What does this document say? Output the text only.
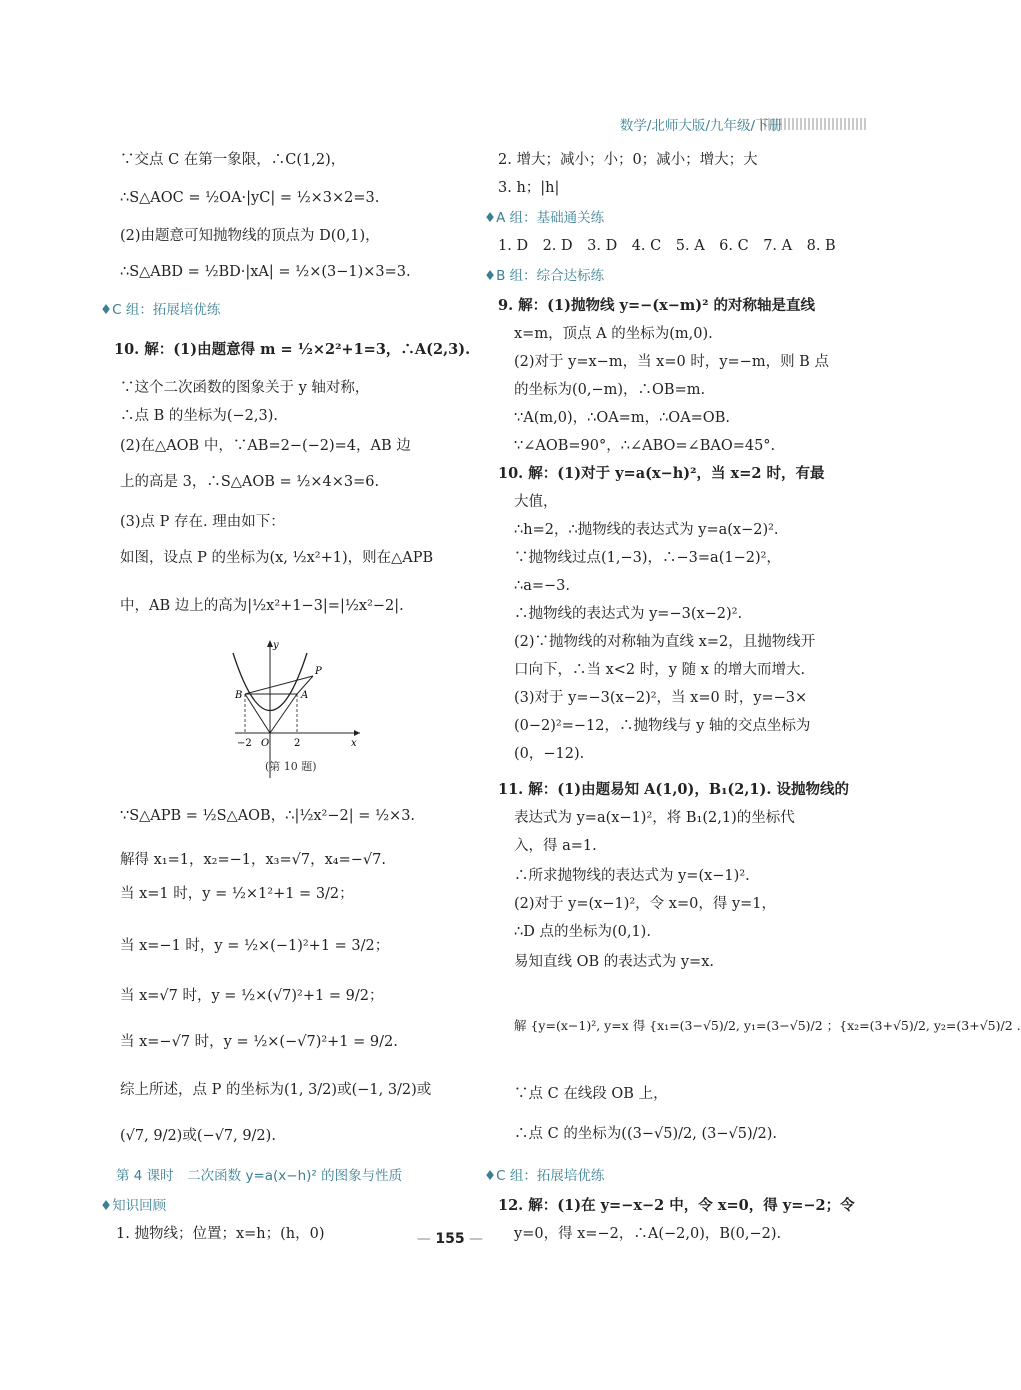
数学/北师大版/九年级/下册
∵交点 C 在第一象限，∴C(1,2)，
∴S△AOC = ½OA·|yC| = ½×3×2=3.
(2)由题意可知抛物线的顶点为 D(0,1)，
∴S△ABD = ½BD·|xA| = ½×(3−1)×3=3.
♦C 组：拓展培优练
10. 解：(1)由题意得 m = ½×2²+1=3，∴A(2,3).
∵这个二次函数的图象关于 y 轴对称，
∴点 B 的坐标为(−2,3).
(2)在△AOB 中，∵AB=2−(−2)=4，AB 边
上的高是 3，∴S△AOB = ½×4×3=6.
(3)点 P 存在. 理由如下：
如图，设点 P 的坐标为(x, ½x²+1)，则在△APB
中，AB 边上的高为|½x²+1−3|=|½x²−2|.
y
P
B	A
−2 O 2	x
(第 10 题)
∵S△APB = ½S△AOB，∴|½x²−2| = ½×3.
解得 x₁=1，x₂=−1，x₃=√7，x₄=−√7.
当 x=1 时，y = ½×1²+1 = 3/2；
当 x=−1 时，y = ½×(−1)²+1 = 3/2；
当 x=√7 时，y = ½×(√7)²+1 = 9/2；
当 x=−√7 时，y = ½×(−√7)²+1 = 9/2.
综上所述，点 P 的坐标为(1, 3/2)或(−1, 3/2)或
(√7, 9/2)或(−√7, 9/2).
第 4 课时　二次函数 y=a(x−h)² 的图象与性质
♦知识回顾
1. 抛物线；位置；x=h；(h，0)
2. 增大；减小；小；0；减小；增大；大
3. h；|h|
♦A 组：基础通关练
1. D　2. D　3. D　4. C　5. A　6. C　7. A　8. B
♦B 组：综合达标练
9. 解：(1)抛物线 y=−(x−m)² 的对称轴是直线
x=m，顶点 A 的坐标为(m,0).
(2)对于 y=x−m，当 x=0 时，y=−m，则 B 点
的坐标为(0,−m)，∴OB=m.
∵A(m,0)，∴OA=m，∴OA=OB.
∵∠AOB=90°，∴∠ABO=∠BAO=45°.
10. 解：(1)对于 y=a(x−h)²，当 x=2 时，有最
大值，
∴h=2，∴抛物线的表达式为 y=a(x−2)².
∵抛物线过点(1,−3)，∴−3=a(1−2)²，
∴a=−3.
∴抛物线的表达式为 y=−3(x−2)².
(2)∵抛物线的对称轴为直线 x=2，且抛物线开
口向下，∴当 x<2 时，y 随 x 的增大而增大.
(3)对于 y=−3(x−2)²，当 x=0 时，y=−3×
(0−2)²=−12，∴抛物线与 y 轴的交点坐标为
(0，−12).
11. 解：(1)由题易知 A(1,0)，B₁(2,1). 设抛物线的
表达式为 y=a(x−1)²，将 B₁(2,1)的坐标代
入，得 a=1.
∴所求抛物线的表达式为 y=(x−1)².
(2)对于 y=(x−1)²，令 x=0，得 y=1，
∴D 点的坐标为(0,1).
易知直线 OB 的表达式为 y=x.
解 {y=(x−1)², y=x 得 {x₁=(3−√5)/2, y₁=(3−√5)/2 ；{x₂=(3+√5)/2, y₂=(3+√5)/2 .
∵点 C 在线段 OB 上，
∴点 C 的坐标为((3−√5)/2, (3−√5)/2).
♦C 组：拓展培优练
12. 解：(1)在 y=−x−2 中，令 x=0，得 y=−2；令
y=0，得 x=−2，∴A(−2,0)，B(0,−2).
— 155 —
